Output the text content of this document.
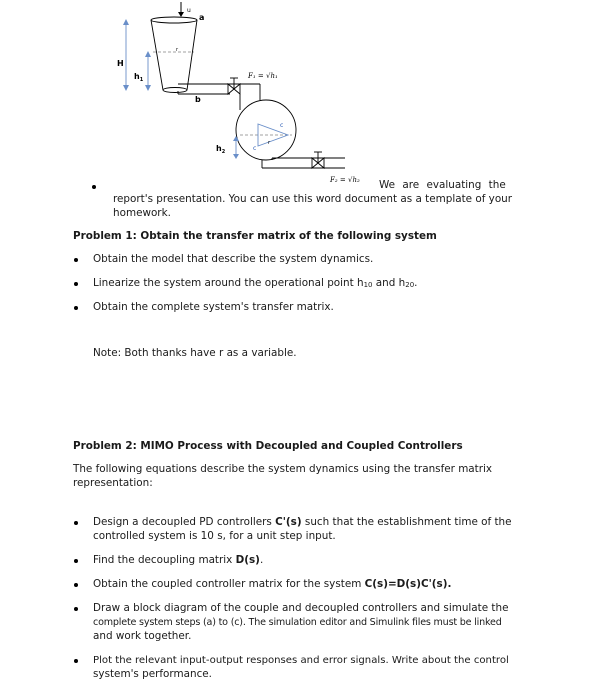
u
a
r
b
H
$h_1$	F₁ = √h₁
c
c
r
$h_2$
F₂ = √h₂ We are evaluating the
report's presentation. You can use this word document as a template of your
homework.
Problem 1: Obtain the transfer matrix of the following system
Obtain the model that describe the system dynamics.
Linearize the system around the operational point h10 and h20.
Obtain the complete system's transfer matrix.
Note: Both thanks have r as a variable.
Problem 2: MIMO Process with Decoupled and Coupled Controllers
The following equations describe the system dynamics using the transfer matrix
representation:
Design a decoupled PD controllers C'(s) such that the establishment time of the
controlled system is 10 s, for a unit step input.
Find the decoupling matrix D(s).
Obtain the coupled controller matrix for the system C(s)=D(s)C'(s).
Draw a block diagram of the couple and decoupled controllers and simulate the
complete system steps (a) to (c). The simulation editor and Simulink files must be linked
and work together.
Plot the relevant input-output responses and error signals. Write about the control
system's performance.
